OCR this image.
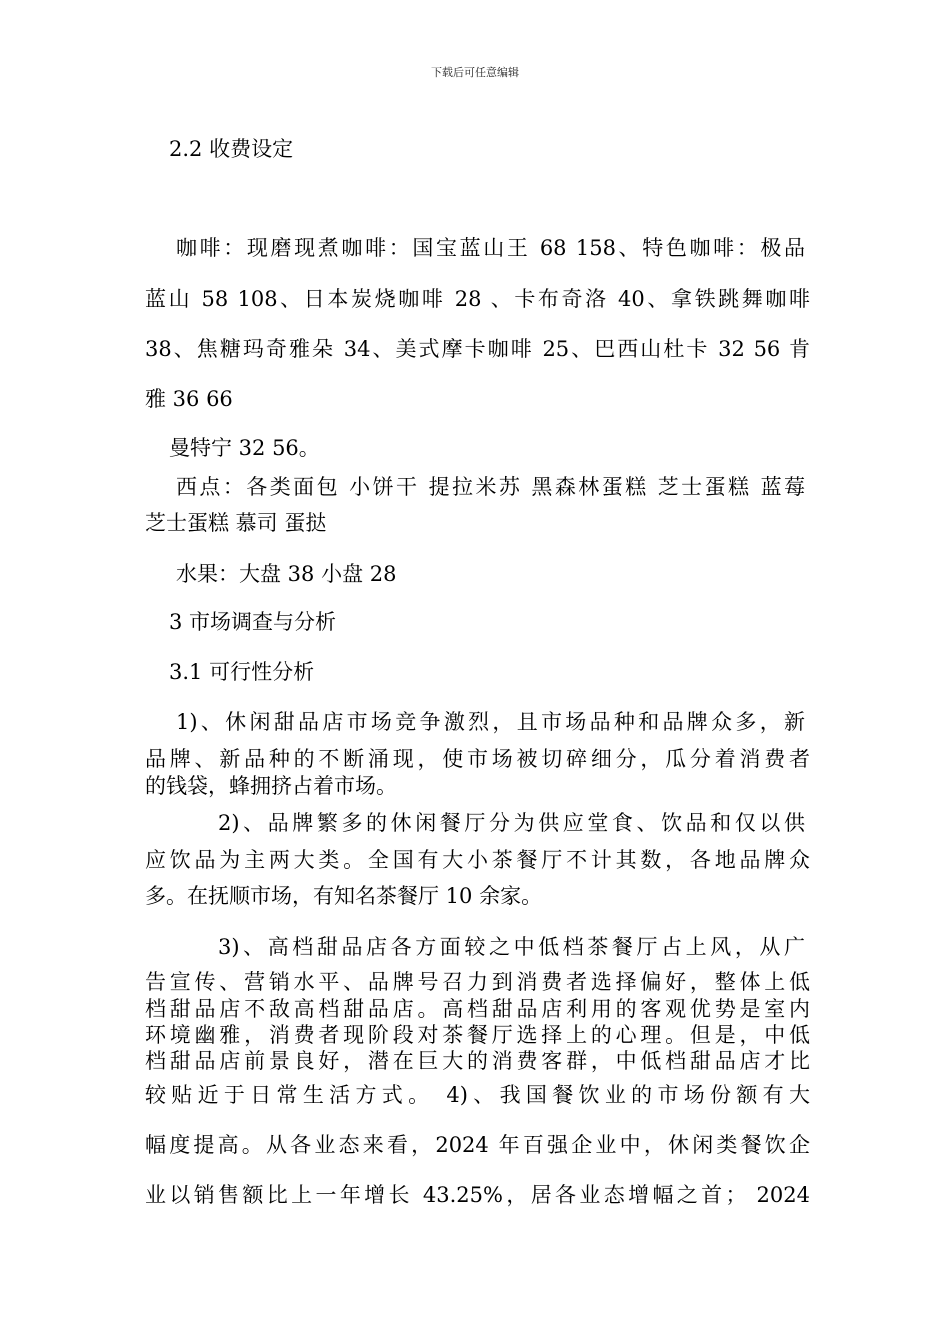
下载后可任意编辑
2.2 收费设定
咖啡：现磨现煮咖啡：国宝蓝山王 68 158、特色咖啡：极品
蓝山 58 108、日本炭烧咖啡 28 、卡布奇洛 40、拿铁跳舞咖啡
38、焦糖玛奇雅朵 34、美式摩卡咖啡 25、巴西山杜卡 32 56 肯
雅 36 66
曼特宁 32 56。
西点：各类面包 小饼干 提拉米苏 黑森林蛋糕 芝士蛋糕 蓝莓
芝士蛋糕 慕司 蛋挞
水果：大盘 38 小盘 28
3 市场调查与分析
3.1 可行性分析
1)、休闲甜品店市场竞争激烈，且市场品种和品牌众多，新
品牌、新品种的不断涌现，使市场被切碎细分，瓜分着消费者
的钱袋，蜂拥挤占着市场。
2)、品牌繁多的休闲餐厅分为供应堂食、饮品和仅以供
应饮品为主两大类。全国有大小茶餐厅不计其数，各地品牌众
多。在抚顺市场，有知名茶餐厅 10 余家。
3)、高档甜品店各方面较之中低档茶餐厅占上风，从广
告宣传、营销水平、品牌号召力到消费者选择偏好，整体上低
档甜品店不敌高档甜品店。高档甜品店利用的客观优势是室内
环境幽雅，消费者现阶段对茶餐厅选择上的心理。但是，中低
档甜品店前景良好，潜在巨大的消费客群，中低档甜品店才比
较贴近于日常生活方式。 4)、我国餐饮业的市场份额有大
幅度提高。从各业态来看，2024 年百强企业中，休闲类餐饮企
业以销售额比上一年增长 43.25%，居各业态增幅之首； 2024
